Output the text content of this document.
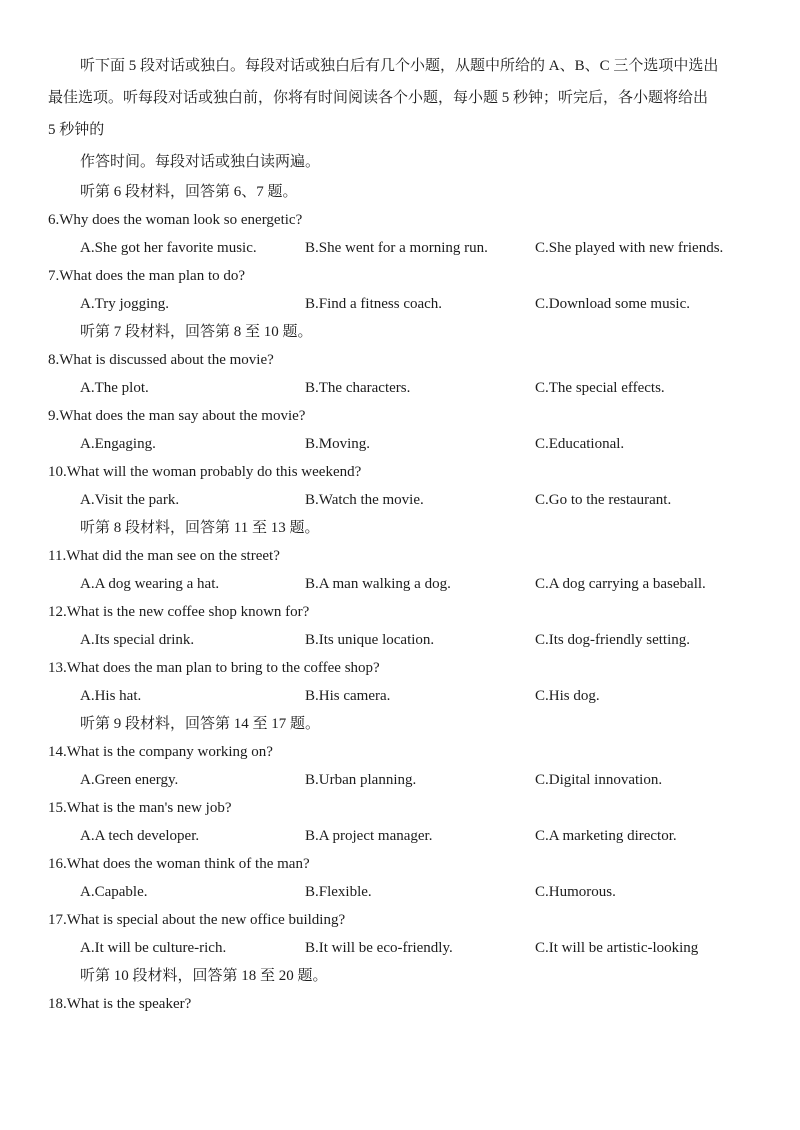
听下面 5 段对话或独白。每段对话或独白后有几个小题，从题中所给的 A、B、C 三个选项中选出
最佳选项。听每段对话或独白前，你将有时间阅读各个小题，每小题 5 秒钟；听完后，各小题将给出
5 秒钟的
作答时间。每段对话或独白读两遍。
听第 6 段材料，回答第 6、7 题。
6.Why does the woman look so energetic?
A.She got her favorite music.	B.She went for a morning run.	C.She played with new friends.
7.What does the man plan to do?
A.Try jogging.	B.Find a fitness coach.	C.Download some music.
听第 7 段材料，回答第 8 至 10 题。
8.What is discussed about the movie?
A.The plot.	B.The characters.	C.The special effects.
9.What does the man say about the movie?
A.Engaging.	B.Moving.	C.Educational.
10.What will the woman probably do this weekend?
A.Visit the park.	B.Watch the movie.	C.Go to the restaurant.
听第 8 段材料，回答第 11 至 13 题。
11.What did the man see on the street?
A.A dog wearing a hat.	B.A man walking a dog.	C.A dog carrying a baseball.
12.What is the new coffee shop known for?
A.Its special drink.	B.Its unique location.	C.Its dog-friendly setting.
13.What does the man plan to bring to the coffee shop?
A.His hat.	B.His camera.	C.His dog.
听第 9 段材料，回答第 14 至 17 题。
14.What is the company working on?
A.Green energy.	B.Urban planning.	C.Digital innovation.
15.What is the man's new job?
A.A tech developer.	B.A project manager.	C.A marketing director.
16.What does the woman think of the man?
A.Capable.	B.Flexible.	C.Humorous.
17.What is special about the new office building?
A.It will be culture-rich.	B.It will be eco-friendly.	C.It will be artistic-looking
听第 10 段材料，回答第 18 至 20 题。
18.What is the speaker?
